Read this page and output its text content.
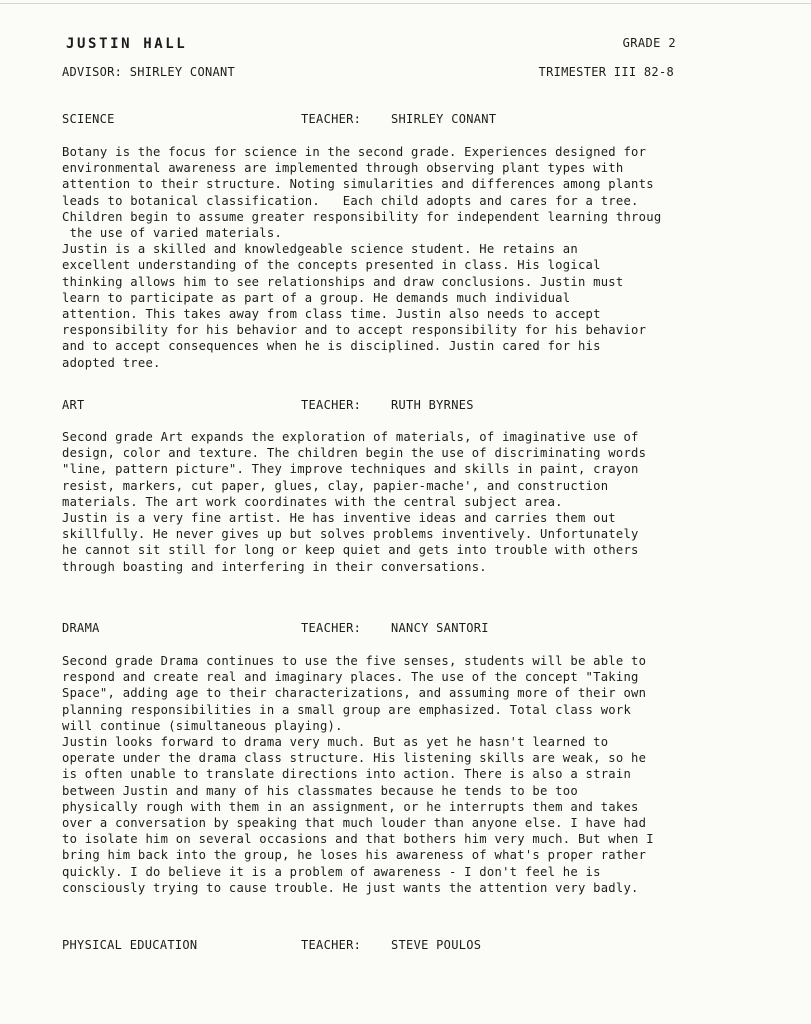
JUSTIN HALL	GRADE 2
ADVISOR: SHIRLEY CONANT	TRIMESTER III 82-8
SCIENCE	TEACHER: SHIRLEY CONANT
Botany is the focus for science in the second grade. Experiences designed for
environmental awareness are implemented through observing plant types with
attention to their structure. Noting simularities and differences among plants
leads to botanical classification.   Each child adopts and cares for a tree.
Children begin to assume greater responsibility for independent learning throug
the use of varied materials.
Justin is a skilled and knowledgeable science student. He retains an
excellent understanding of the concepts presented in class. His logical
thinking allows him to see relationships and draw conclusions. Justin must
learn to participate as part of a group. He demands much individual
attention. This takes away from class time. Justin also needs to accept
responsibility for his behavior and to accept responsibility for his behavior
and to accept consequences when he is disciplined. Justin cared for his
adopted tree.
ART	TEACHER: RUTH BYRNES
Second grade Art expands the exploration of materials, of imaginative use of
design, color and texture. The children begin the use of discriminating words
"line, pattern picture". They improve techniques and skills in paint, crayon
resist, markers, cut paper, glues, clay, papier-mache', and construction
materials. The art work coordinates with the central subject area.
Justin is a very fine artist. He has inventive ideas and carries them out
skillfully. He never gives up but solves problems inventively. Unfortunately
he cannot sit still for long or keep quiet and gets into trouble with others
through boasting and interfering in their conversations.
DRAMA	TEACHER: NANCY SANTORI
Second grade Drama continues to use the five senses, students will be able to
respond and create real and imaginary places. The use of the concept "Taking
Space", adding age to their characterizations, and assuming more of their own
planning responsibilities in a small group are emphasized. Total class work
will continue (simultaneous playing).
Justin looks forward to drama very much. But as yet he hasn't learned to
operate under the drama class structure. His listening skills are weak, so he
is often unable to translate directions into action. There is also a strain
between Justin and many of his classmates because he tends to be too
physically rough with them in an assignment, or he interrupts them and takes
over a conversation by speaking that much louder than anyone else. I have had
to isolate him on several occasions and that bothers him very much. But when I
bring him back into the group, he loses his awareness of what's proper rather
quickly. I do believe it is a problem of awareness - I don't feel he is
consciously trying to cause trouble. He just wants the attention very badly.
PHYSICAL EDUCATION	TEACHER: STEVE POULOS
